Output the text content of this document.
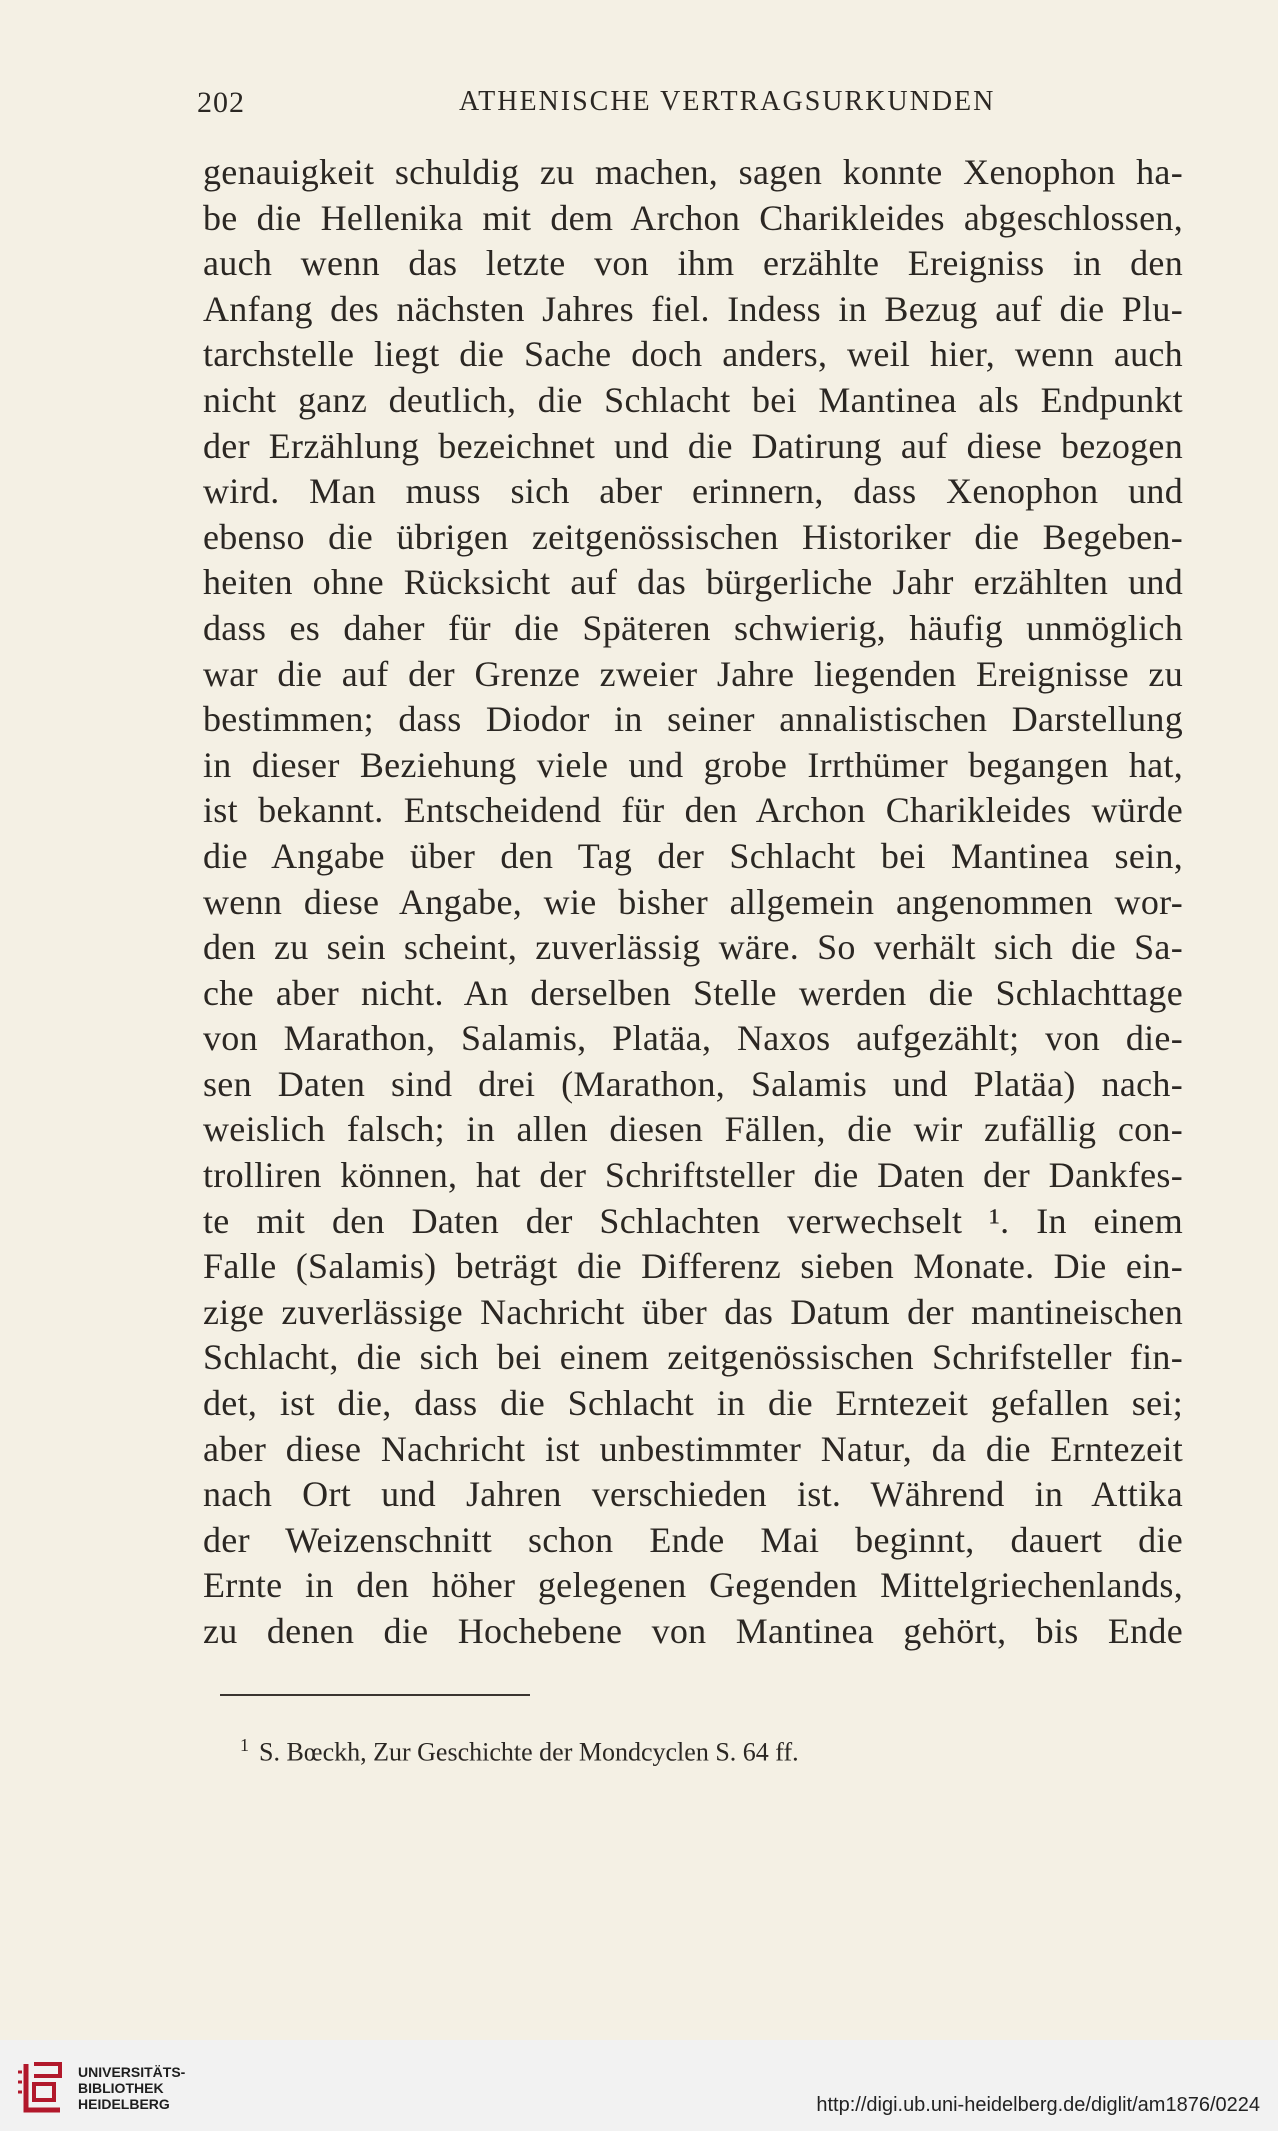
202	ATHENISCHE VERTRAGSURKUNDEN
genauigkeit schuldig zu machen, sagen konnte Xenophon ha-
be die Hellenika mit dem Archon Charikleides abgeschlossen,
auch wenn das letzte von ihm erzählte Ereigniss in den
Anfang des nächsten Jahres fiel. Indess in Bezug auf die Plu-
tarchstelle liegt die Sache doch anders, weil hier, wenn auch
nicht ganz deutlich, die Schlacht bei Mantinea als Endpunkt
der Erzählung bezeichnet und die Datirung auf diese bezogen
wird. Man muss sich aber erinnern, dass Xenophon und
ebenso die übrigen zeitgenössischen Historiker die Begeben-
heiten ohne Rücksicht auf das bürgerliche Jahr erzählten und
dass es daher für die Späteren schwierig, häufig unmöglich
war die auf der Grenze zweier Jahre liegenden Ereignisse zu
bestimmen; dass Diodor in seiner annalistischen Darstellung
in dieser Beziehung viele und grobe Irrthümer begangen hat,
ist bekannt. Entscheidend für den Archon Charikleides würde
die Angabe über den Tag der Schlacht bei Mantinea sein,
wenn diese Angabe, wie bisher allgemein angenommen wor-
den zu sein scheint, zuverlässig wäre. So verhält sich die Sa-
che aber nicht. An derselben Stelle werden die Schlachttage
von Marathon, Salamis, Platäa, Naxos aufgezählt; von die-
sen Daten sind drei (Marathon, Salamis und Platäa) nach-
weislich falsch; in allen diesen Fällen, die wir zufällig con-
trolliren können, hat der Schriftsteller die Daten der Dankfes-
te mit den Daten der Schlachten verwechselt ¹. In einem
Falle (Salamis) beträgt die Differenz sieben Monate. Die ein-
zige zuverlässige Nachricht über das Datum der mantineischen
Schlacht, die sich bei einem zeitgenössischen Schrifsteller fin-
det, ist die, dass die Schlacht in die Erntezeit gefallen sei;
aber diese Nachricht ist unbestimmter Natur, da die Erntezeit
nach Ort und Jahren verschieden ist. Während in Attika
der Weizenschnitt schon Ende Mai beginnt, dauert die
Ernte in den höher gelegenen Gegenden Mittelgriechenlands,
zu denen die Hochebene von Mantinea gehört, bis Ende
$^1$ S. Bœckh, Zur Geschichte der Mondcyclen S. 64 ff.
UNIVERSITÄTS-
BIBLIOTHEK
HEIDELBERG	http://digi.ub.uni-heidelberg.de/diglit/am1876/0224
